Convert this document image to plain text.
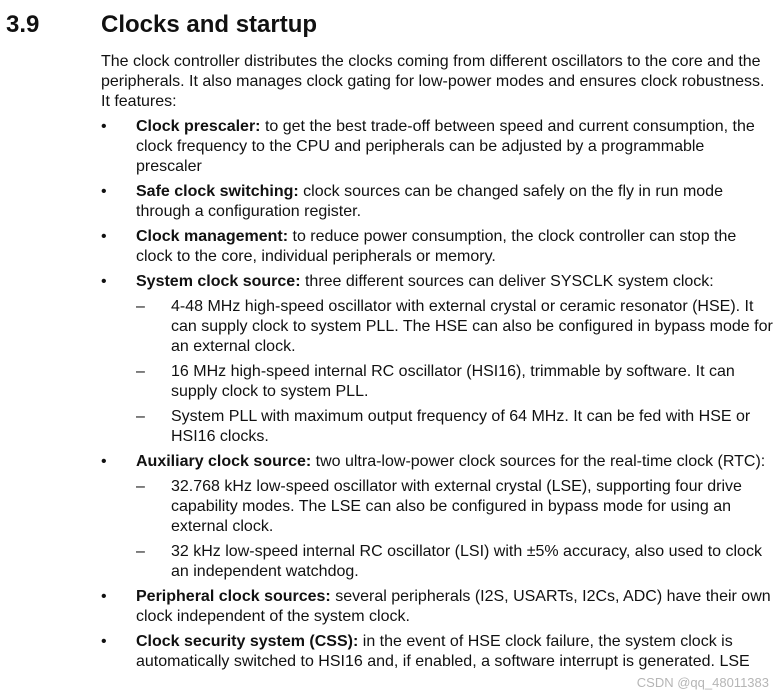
3.9	Clocks and startup

The clock controller distributes the clocks coming from different oscillators to the core and the peripherals. It also manages clock gating for low-power modes and ensures clock robustness. It features:

•	Clock prescaler: to get the best trade-off between speed and current consumption, the clock frequency to the CPU and peripherals can be adjusted by a programmable prescaler
•	Safe clock switching: clock sources can be changed safely on the fly in run mode through a configuration register.
•	Clock management: to reduce power consumption, the clock controller can stop the clock to the core, individual peripherals or memory.
•	System clock source: three different sources can deliver SYSCLK system clock:
–	4-48 MHz high-speed oscillator with external crystal or ceramic resonator (HSE). It can supply clock to system PLL. The HSE can also be configured in bypass mode for an external clock.
–	16 MHz high-speed internal RC oscillator (HSI16), trimmable by software. It can supply clock to system PLL.
–	System PLL with maximum output frequency of 64 MHz. It can be fed with HSE or HSI16 clocks.
•	Auxiliary clock source: two ultra-low-power clock sources for the real-time clock (RTC):
–	32.768 kHz low-speed oscillator with external crystal (LSE), supporting four drive capability modes. The LSE can also be configured in bypass mode for using an external clock.
–	32 kHz low-speed internal RC oscillator (LSI) with ±5% accuracy, also used to clock an independent watchdog.
•	Peripheral clock sources: several peripherals (I2S, USARTs, I2Cs, ADC) have their own clock independent of the system clock.
•	Clock security system (CSS): in the event of HSE clock failure, the system clock is automatically switched to HSI16 and, if enabled, a software interrupt is generated. LSE
CSDN @qq_48011383
